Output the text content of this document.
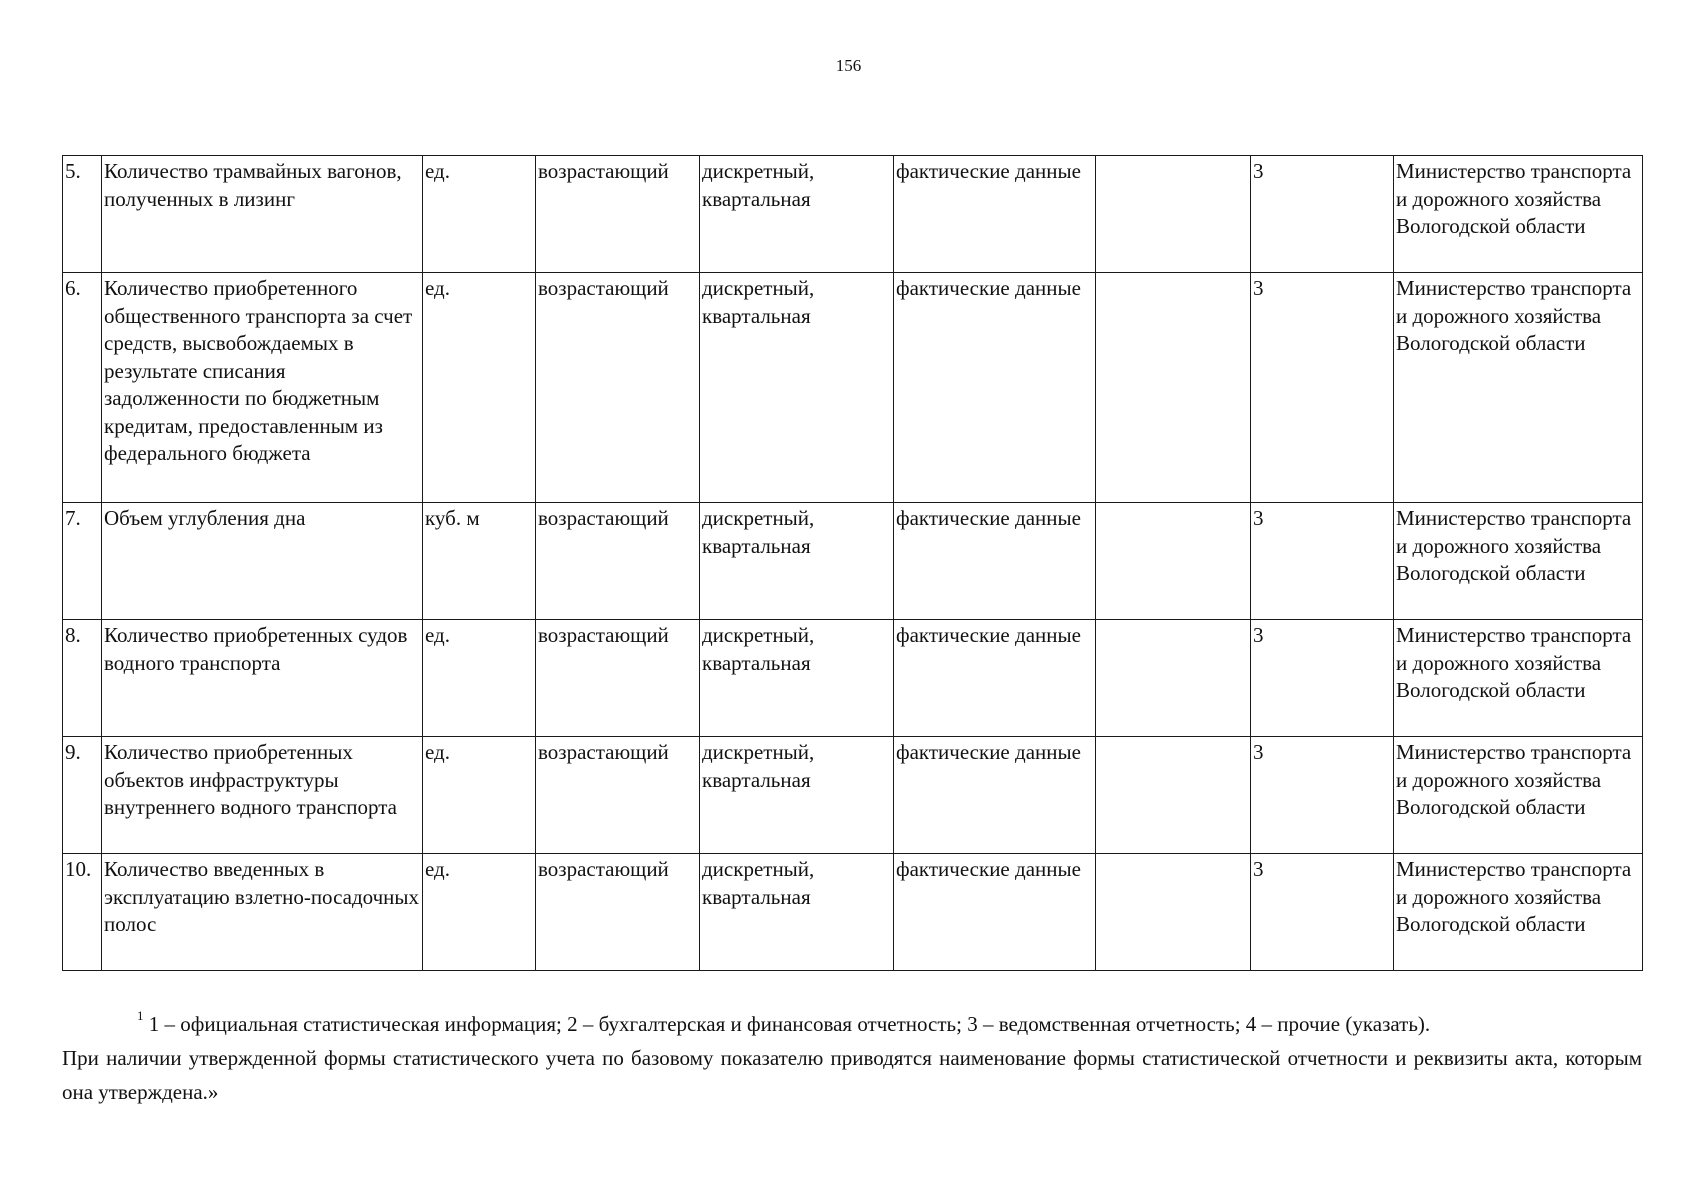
156
5.	Количество трамвайных вагонов, полученных в лизинг	ед.	возрастающий	дискретный, квартальная	фактические данные		3	Министерство транспорта и дорожного хозяйства Вологодской области
6.	Количество приобретенного общественного транспорта за счет средств, высвобождаемых в результате списания задолженности по бюджетным кредитам, предоставленным из федерального бюджета	ед.	возрастающий	дискретный, квартальная	фактические данные		3	Министерство транспорта и дорожного хозяйства Вологодской области
7.	Объем углубления дна	куб. м	возрастающий	дискретный, квартальная	фактические данные		3	Министерство транспорта и дорожного хозяйства Вологодской области
8.	Количество приобретенных судов водного транспорта	ед.	возрастающий	дискретный, квартальная	фактические данные		3	Министерство транспорта и дорожного хозяйства Вологодской области
9.	Количество приобретенных объектов инфраструктуры внутреннего водного транспорта	ед.	возрастающий	дискретный, квартальная	фактические данные		3	Министерство транспорта и дорожного хозяйства Вологодской области
10.	Количество введенных в эксплуатацию взлетно-посадочных полос	ед.	возрастающий	дискретный, квартальная	фактические данные		3	Министерство транспорта и дорожного хозяйства Вологодской области
$^1$ 1 – официальная статистическая информация; 2 – бухгалтерская и финансовая отчетность; 3 – ведомственная отчетность; 4 – прочие (указать).
При наличии утвержденной формы статистического учета по базовому показателю приводятся наименование формы статистической отчетности и реквизиты акта, которым она утверждена.»
